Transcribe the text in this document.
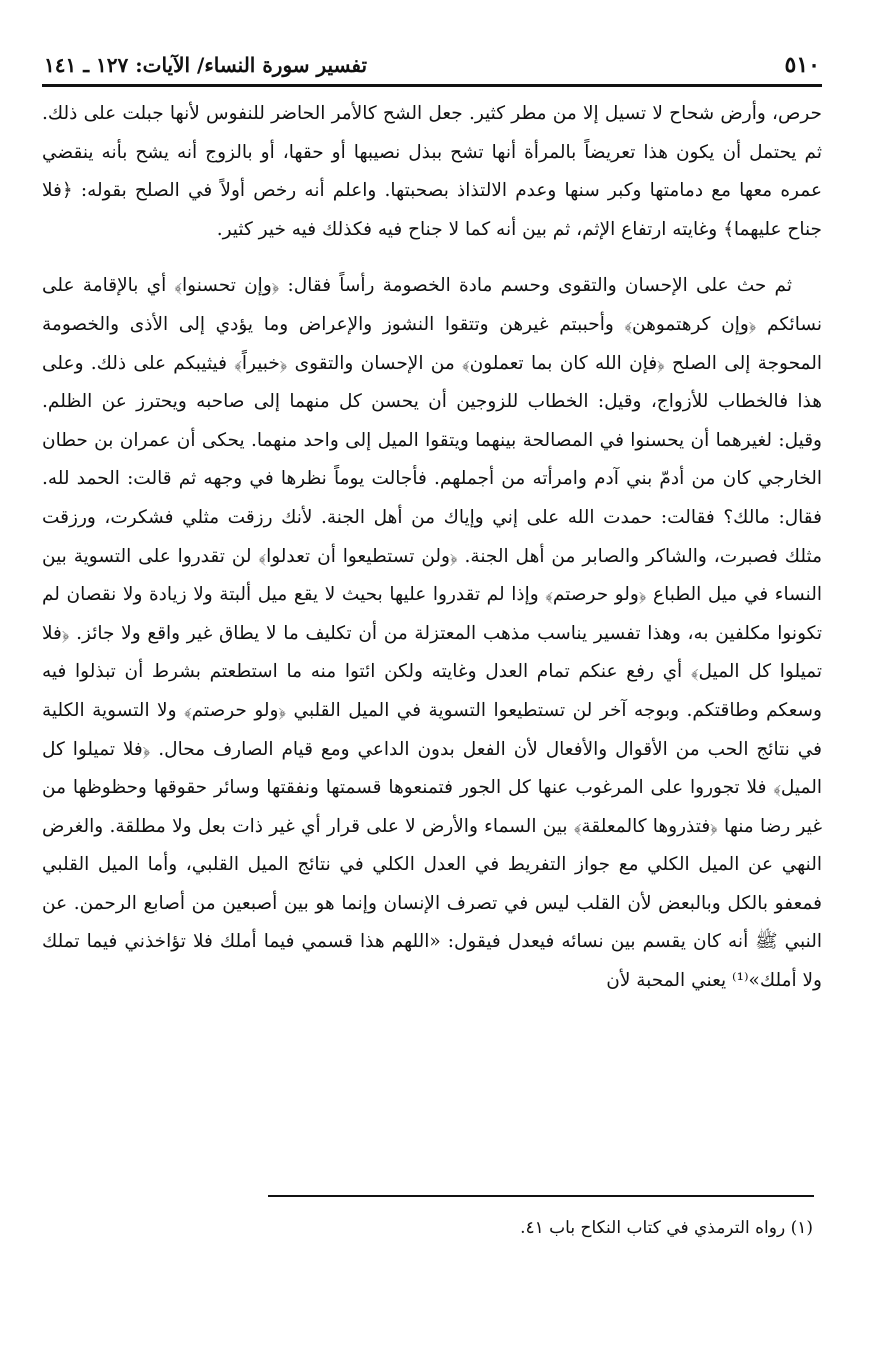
٥١٠
تفسير سورة النساء/ الآيات: ١٢٧ ـ ١٤١

حرص، وأرض شحاح لا تسيل إلا من مطر كثير. جعل الشح كالأمر الحاضر للنفوس لأنها جبلت على ذلك. ثم يحتمل أن يكون هذا تعريضاً بالمرأة أنها تشح ببذل نصيبها أو حقها، أو بالزوج أنه يشح بأنه ينقضي عمره معها مع دمامتها وكبر سنها وعدم الالتذاذ بصحبتها. واعلم أنه رخص أولاً في الصلح بقوله: ﴿فلا جناح عليهما﴾ وغايته ارتفاع الإثم، ثم بين أنه كما لا جناح فيه فكذلك فيه خير كثير.

ثم حث على الإحسان والتقوى وحسم مادة الخصومة رأساً فقال: ﴿وإن تحسنوا﴾ أي بالإقامة على نسائكم ﴿وإن كرهتموهن﴾ وأحببتم غيرهن وتتقوا النشوز والإعراض وما يؤدي إلى الأذى والخصومة المحوجة إلى الصلح ﴿فإن الله كان بما تعملون﴾ من الإحسان والتقوى ﴿خبيراً﴾ فيثيبكم على ذلك. وعلى هذا فالخطاب للأزواج، وقيل: الخطاب للزوجين أن يحسن كل منهما إلى صاحبه ويحترز عن الظلم. وقيل: لغيرهما أن يحسنوا في المصالحة بينهما ويتقوا الميل إلى واحد منهما. يحكى أن عمران بن حطان الخارجي كان من أدمّ بني آدم وامرأته من أجملهم. فأجالت يوماً نظرها في وجهه ثم قالت: الحمد لله. فقال: مالك؟ فقالت: حمدت الله على إني وإياك من أهل الجنة. لأنك رزقت مثلي فشكرت، ورزقت مثلك فصبرت، والشاكر والصابر من أهل الجنة. ﴿ولن تستطيعوا أن تعدلوا﴾ لن تقدروا على التسوية بين النساء في ميل الطباع ﴿ولو حرصتم﴾ وإذا لم تقدروا عليها بحيث لا يقع ميل ألبتة ولا زيادة ولا نقصان لم تكونوا مكلفين به، وهذا تفسير يناسب مذهب المعتزلة من أن تكليف ما لا يطاق غير واقع ولا جائز. ﴿فلا تميلوا كل الميل﴾ أي رفع عنكم تمام العدل وغايته ولكن ائتوا منه ما استطعتم بشرط أن تبذلوا فيه وسعكم وطاقتكم. وبوجه آخر لن تستطيعوا التسوية في الميل القلبي ﴿ولو حرصتم﴾ ولا التسوية الكلية في نتائج الحب من الأقوال والأفعال لأن الفعل بدون الداعي ومع قيام الصارف محال. ﴿فلا تميلوا كل الميل﴾ فلا تجوروا على المرغوب عنها كل الجور فتمنعوها قسمتها ونفقتها وسائر حقوقها وحظوظها من غير رضا منها ﴿فتذروها كالمعلقة﴾ بين السماء والأرض لا على قرار أي غير ذات بعل ولا مطلقة. والغرض النهي عن الميل الكلي مع جواز التفريط في العدل الكلي في نتائج الميل القلبي، وأما الميل القلبي فمعفو بالكل وبالبعض لأن القلب ليس في تصرف الإنسان وإنما هو بين أصبعين من أصابع الرحمن. عن النبي ﷺ أنه كان يقسم بين نسائه فيعدل فيقول: «اللهم هذا قسمي فيما أملك فلا تؤاخذني فيما تملك ولا أملك»⁽¹⁾ يعني المحبة لأن

(١) رواه الترمذي في كتاب النكاح باب ٤١.
